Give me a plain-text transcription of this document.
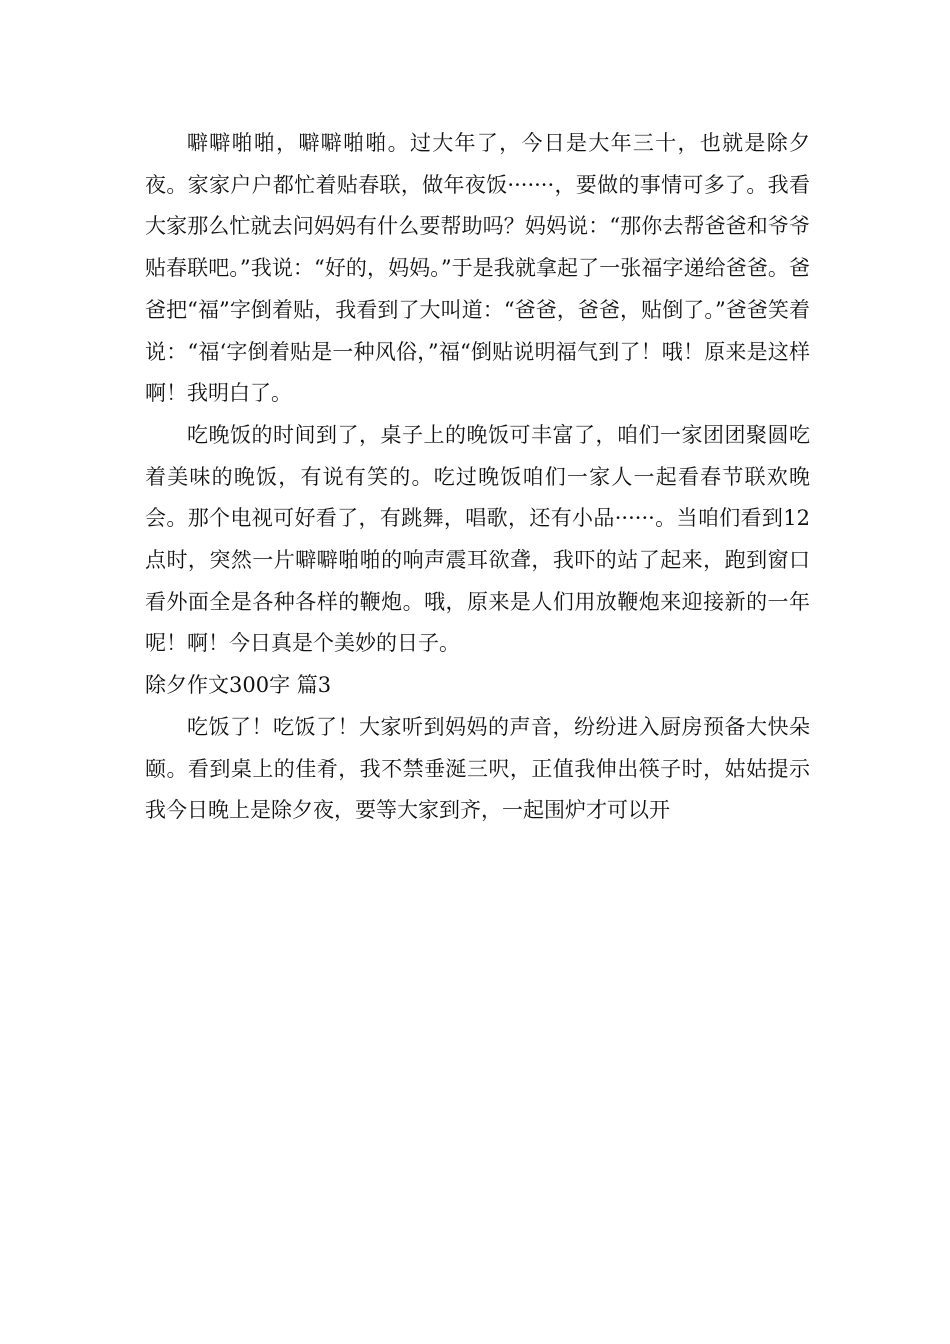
噼噼啪啪，噼噼啪啪。过大年了，今日是大年三十，也就是除夕夜。家家户户都忙着贴春联，做年夜饭·······，要做的事情可多了。我看大家那么忙就去问妈妈有什么要帮助吗？妈妈说：“那你去帮爸爸和爷爷贴春联吧。”我说：“好的，妈妈。”于是我就拿起了一张福字递给爸爸。爸爸把“福”字倒着贴，我看到了大叫道：“爸爸，爸爸，贴倒了。”爸爸笑着说：“福‘字倒着贴是一种风俗，”福“倒贴说明福气到了！哦！原来是这样啊！我明白了。

吃晚饭的时间到了，桌子上的晚饭可丰富了，咱们一家团团聚圆吃着美味的晚饭，有说有笑的。吃过晚饭咱们一家人一起看春节联欢晚会。那个电视可好看了，有跳舞，唱歌，还有小品······。当咱们看到12点时，突然一片噼噼啪啪的响声震耳欲聋，我吓的站了起来，跑到窗口看外面全是各种各样的鞭炮。哦，原来是人们用放鞭炮来迎接新的一年呢！啊！今日真是个美妙的日子。

除夕作文300字 篇3

吃饭了！吃饭了！大家听到妈妈的声音，纷纷进入厨房预备大快朵颐。看到桌上的佳肴，我不禁垂涎三呎，正值我伸出筷子时，姑姑提示我今日晚上是除夕夜，要等大家到齐，一起围炉才可以开
